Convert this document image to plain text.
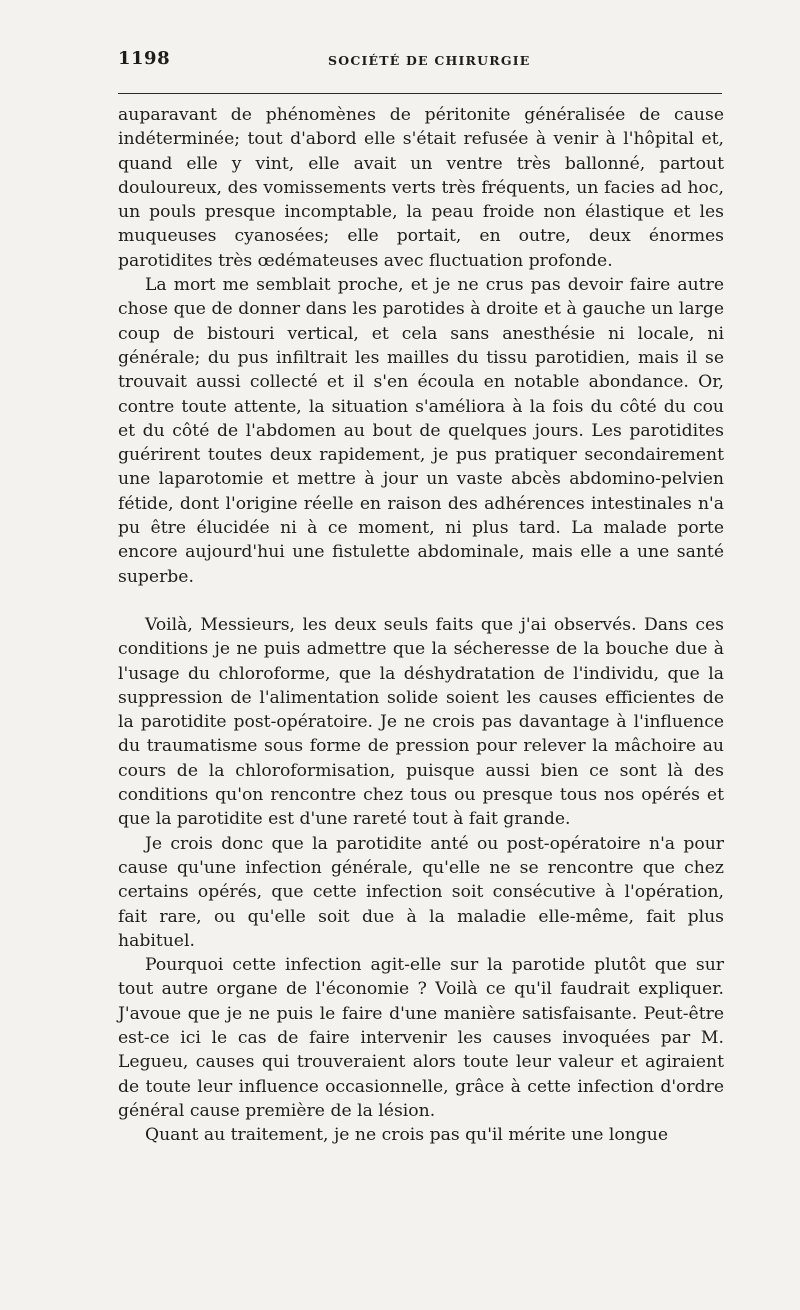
1198	SOCIÉTÉ DE CHIRURGIE

auparavant de phénomènes de péritonite généralisée de cause indéterminée; tout d'abord elle s'était refusée à venir à l'hôpital et, quand elle y vint, elle avait un ventre très ballonné, partout douloureux, des vomissements verts très fréquents, un facies ad hoc, un pouls presque incomptable, la peau froide non élastique et les muqueuses cyanosées; elle portait, en outre, deux énormes parotidites très œdémateuses avec fluctuation profonde.

La mort me semblait proche, et je ne crus pas devoir faire autre chose que de donner dans les parotides à droite et à gauche un large coup de bistouri vertical, et cela sans anesthésie ni locale, ni générale; du pus infiltrait les mailles du tissu parotidien, mais il se trouvait aussi collecté et il s'en écoula en notable abondance. Or, contre toute attente, la situation s'améliora à la fois du côté du cou et du côté de l'abdomen au bout de quelques jours. Les parotidites guérirent toutes deux rapidement, je pus pratiquer secondairement une laparotomie et mettre à jour un vaste abcès abdomino-pelvien fétide, dont l'origine réelle en raison des adhérences intestinales n'a pu être élucidée ni à ce moment, ni plus tard. La malade porte encore aujourd'hui une fistulette abdominale, mais elle a une santé superbe.

Voilà, Messieurs, les deux seuls faits que j'ai observés. Dans ces conditions je ne puis admettre que la sécheresse de la bouche due à l'usage du chloroforme, que la déshydratation de l'individu, que la suppression de l'alimentation solide soient les causes efficientes de la parotidite post-opératoire. Je ne crois pas davantage à l'influence du traumatisme sous forme de pression pour relever la mâchoire au cours de la chloroformisation, puisque aussi bien ce sont là des conditions qu'on rencontre chez tous ou presque tous nos opérés et que la parotidite est d'une rareté tout à fait grande.

Je crois donc que la parotidite anté ou post-opératoire n'a pour cause qu'une infection générale, qu'elle ne se rencontre que chez certains opérés, que cette infection soit consécutive à l'opération, fait rare, ou qu'elle soit due à la maladie elle-même, fait plus habituel.

Pourquoi cette infection agit-elle sur la parotide plutôt que sur tout autre organe de l'économie ? Voilà ce qu'il faudrait expliquer. J'avoue que je ne puis le faire d'une manière satisfaisante. Peut-être est-ce ici le cas de faire intervenir les causes invoquées par M. Legueu, causes qui trouveraient alors toute leur valeur et agiraient de toute leur influence occasionnelle, grâce à cette infection d'ordre général cause première de la lésion.

Quant au traitement, je ne crois pas qu'il mérite une longue
